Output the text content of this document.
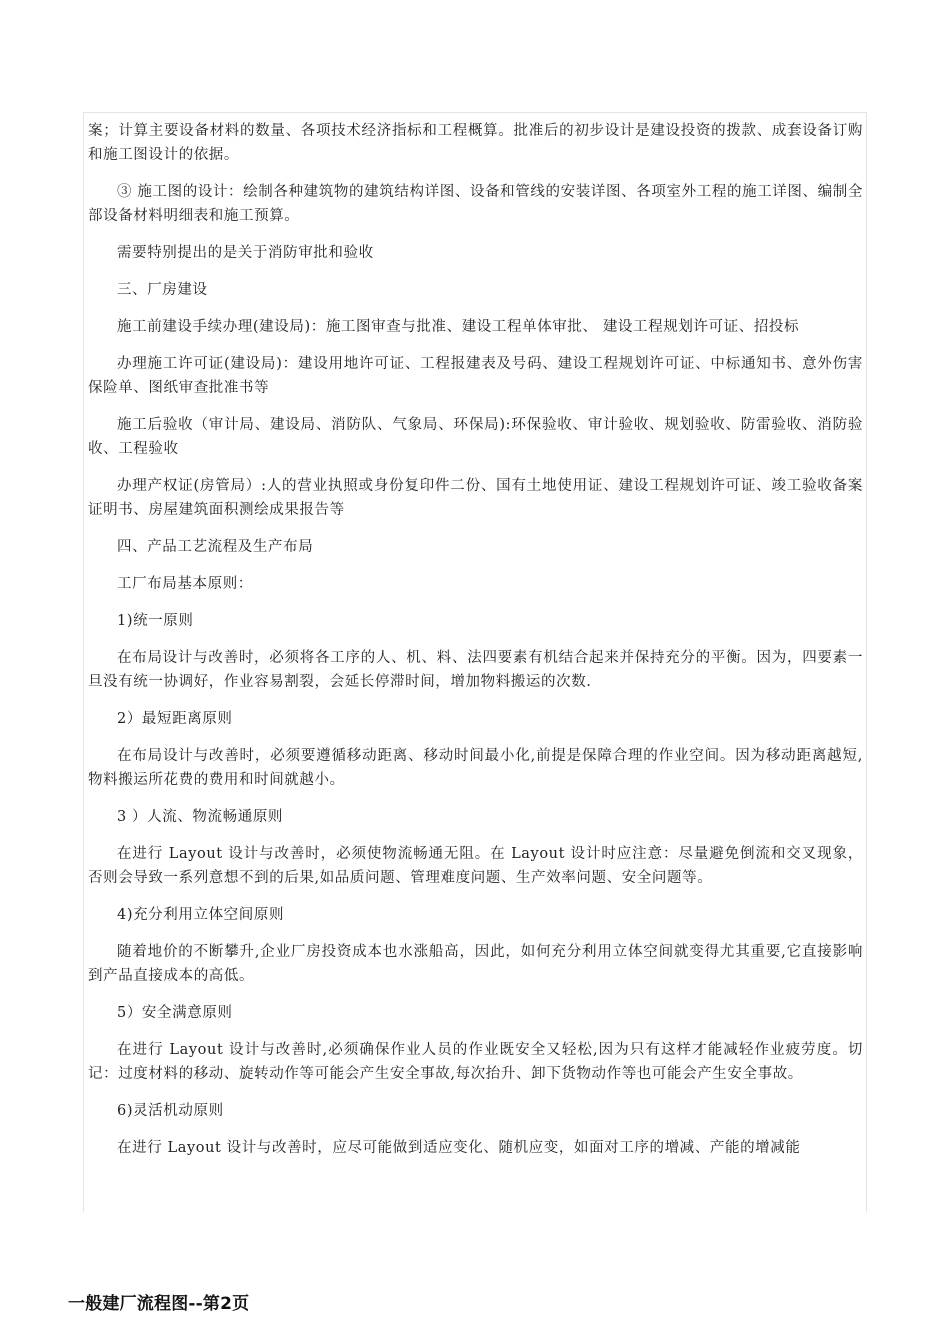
案；计算主要设备材料的数量、各项技术经济指标和工程概算。批准后的初步设计是建设投资的拨款、成套设备订购和施工图设计的依据。

③ 施工图的设计：绘制各种建筑物的建筑结构详图、设备和管线的安装详图、各项室外工程的施工详图、编制全部设备材料明细表和施工预算。

需要特别提出的是关于消防审批和验收

三、厂房建设

施工前建设手续办理(建设局)：施工图审查与批准、建设工程单体审批、 建设工程规划许可证、招投标

办理施工许可证(建设局)：建设用地许可证、工程报建表及号码、建设工程规划许可证、中标通知书、意外伤害保险单、图纸审查批准书等

施工后验收（审计局、建设局、消防队、气象局、环保局):环保验收、审计验收、规划验收、防雷验收、消防验收、工程验收

办理产权证(房管局）:人的营业执照或身份复印件二份、国有土地使用证、建设工程规划许可证、竣工验收备案证明书、房屋建筑面积测绘成果报告等

四、产品工艺流程及生产布局

工厂布局基本原则：

1)统一原则

在布局设计与改善时，必须将各工序的人、机、料、法四要素有机结合起来并保持充分的平衡。因为，四要素一旦没有统一协调好，作业容易割裂，会延长停滞时间，增加物料搬运的次数.

2）最短距离原则

在布局设计与改善时，必须要遵循移动距离、移动时间最小化,前提是保障合理的作业空间。因为移动距离越短,物料搬运所花费的费用和时间就越小。

3 ）人流、物流畅通原则

在进行 Layout 设计与改善时，必须使物流畅通无阻。在 Layout 设计时应注意：尽量避免倒流和交叉现象，否则会导致一系列意想不到的后果,如品质问题、管理难度问题、生产效率问题、安全问题等。

4)充分利用立体空间原则

随着地价的不断攀升,企业厂房投资成本也水涨船高，因此，如何充分利用立体空间就变得尤其重要,它直接影响到产品直接成本的高低。

5）安全满意原则

在进行 Layout 设计与改善时,必须确保作业人员的作业既安全又轻松,因为只有这样才能减轻作业疲劳度。切记：过度材料的移动、旋转动作等可能会产生安全事故,每次抬升、卸下货物动作等也可能会产生安全事故。

6)灵活机动原则

在进行 Layout 设计与改善时，应尽可能做到适应变化、随机应变，如面对工序的增减、产能的增减能

一般建厂流程图--第2页
